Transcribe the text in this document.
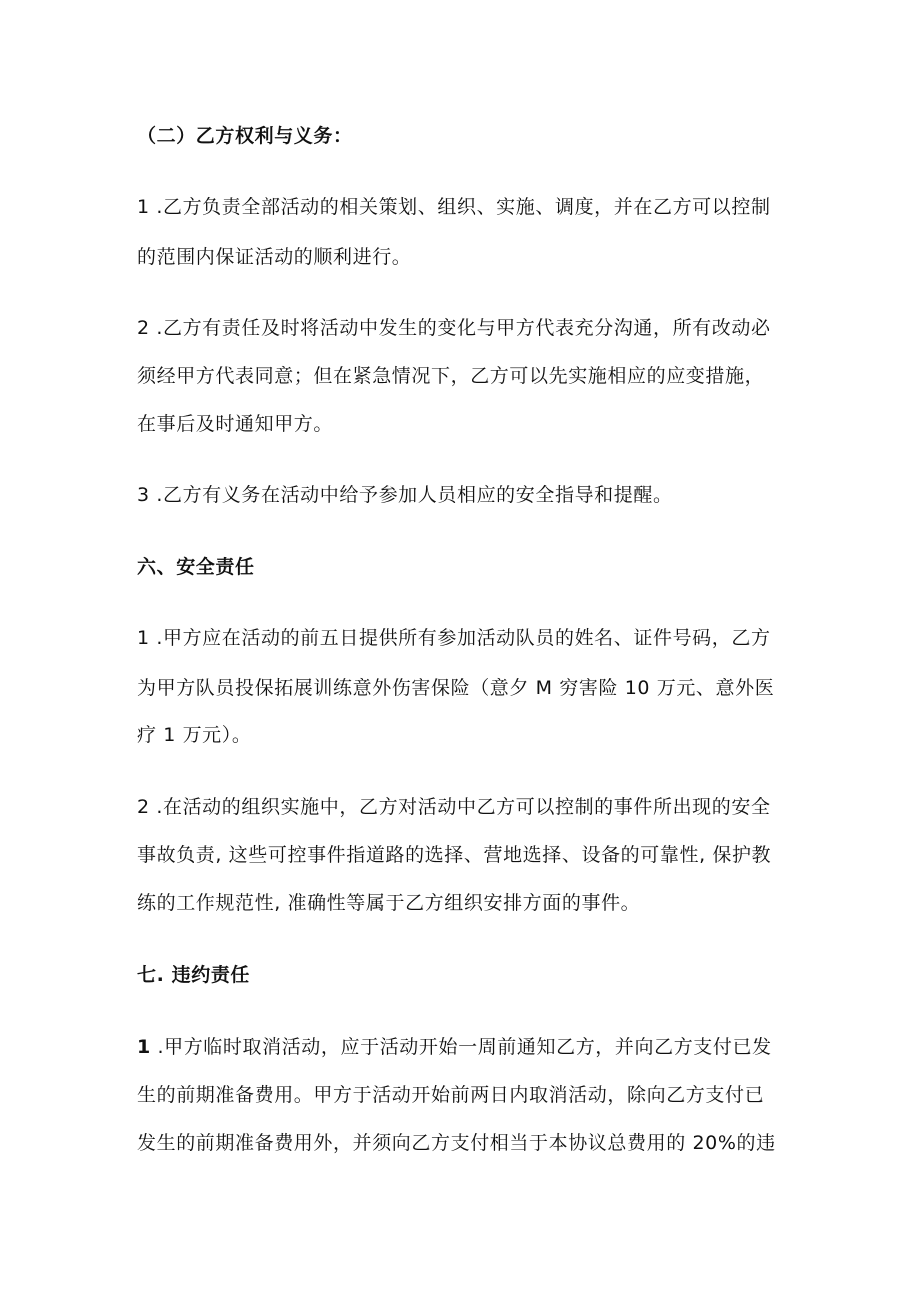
（二）乙方权利与义务：
1 .乙方负责全部活动的相关策划、组织、实施、调度，并在乙方可以控制
的范围内保证活动的顺利进行。
2 .乙方有责任及时将活动中发生的变化与甲方代表充分沟通，所有改动必
须经甲方代表同意；但在紧急情况下，乙方可以先实施相应的应变措施，
在事后及时通知甲方。
3 .乙方有义务在活动中给予参加人员相应的安全指导和提醒。
六、安全责任
1 .甲方应在活动的前五日提供所有参加活动队员的姓名、证件号码，乙方
为甲方队员投保拓展训练意外伤害保险（意夕 M 穷害险 10 万元、意外医
疗 1 万元）。
2 .在活动的组织实施中，乙方对活动中乙方可以控制的事件所出现的安全
事故负责, 这些可控事件指道路的选择、营地选择、设备的可靠性, 保护教
练的工作规范性, 准确性等属于乙方组织安排方面的事件。
七. 违约责任
1 .甲方临时取消活动，应于活动开始一周前通知乙方，并向乙方支付已发
生的前期准备费用。甲方于活动开始前两日内取消活动，除向乙方支付已
发生的前期准备费用外，并须向乙方支付相当于本协议总费用的 20%的违
